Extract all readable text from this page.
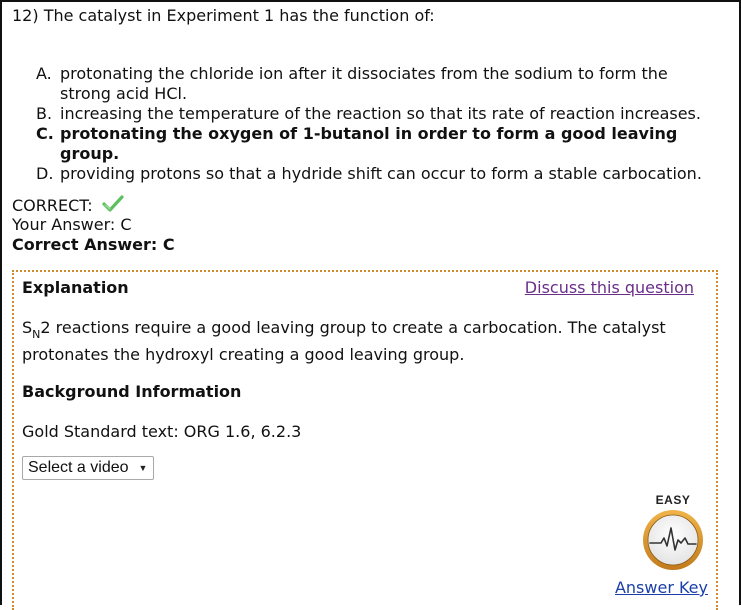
12) The catalyst in Experiment 1 has the function of:
A. protonating the chloride ion after it dissociates from the sodium to form the strong acid HCl.
B. increasing the temperature of the reaction so that its rate of reaction increases.
C. protonating the oxygen of 1-butanol in order to form a good leaving group.
D. providing protons so that a hydride shift can occur to form a stable carbocation.
CORRECT:
Your Answer: C
Correct Answer: C
Explanation	Discuss this question
$S_N2$ reactions require a good leaving group to create a carbocation. The catalyst protonates the hydroxyl creating a good leaving group.
Background Information
Gold Standard text: ORG 1.6, 6.2.3
Select a video ▼
EASY
Answer Key
